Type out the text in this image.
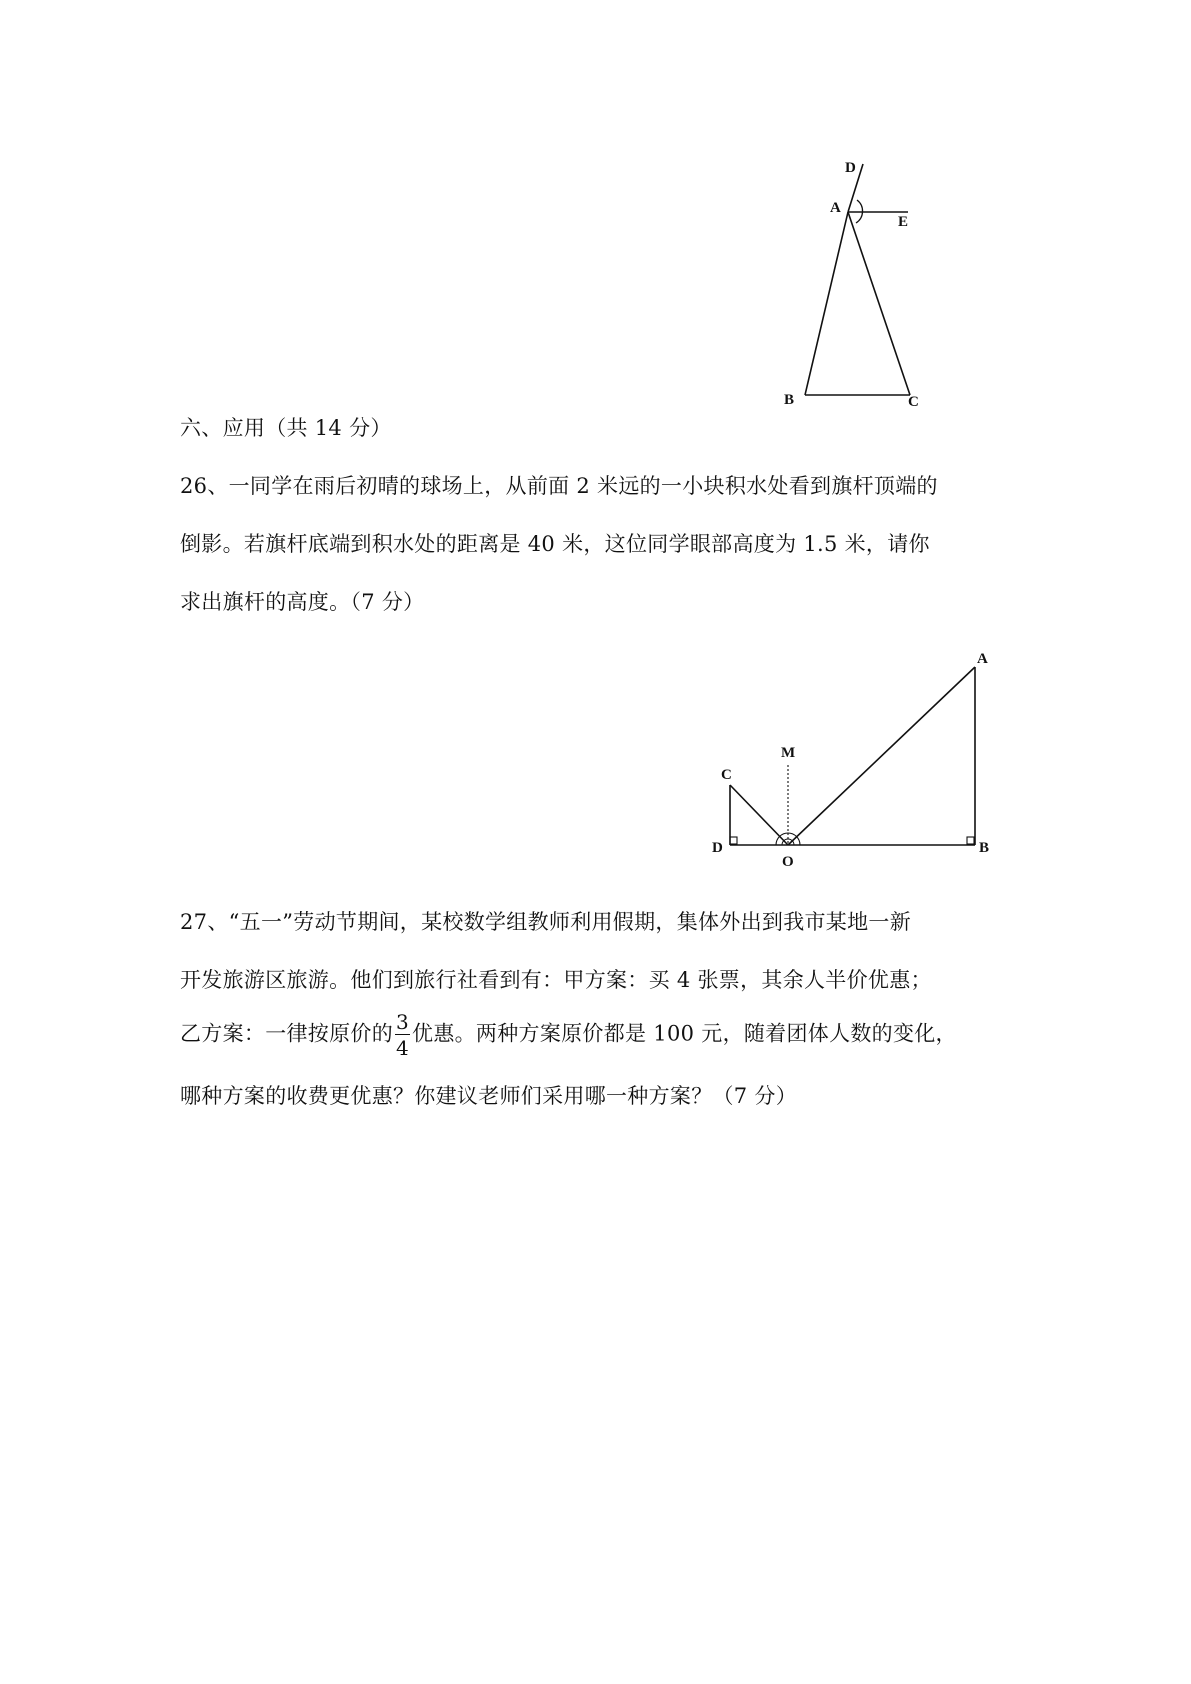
D
A
E
B	C
六、应用（共 14 分）
26、一同学在雨后初晴的球场上，从前面 2 米远的一小块积水处看到旗杆顶端的
倒影。若旗杆底端到积水处的距离是 40 米，这位同学眼部高度为 1.5 米，请你
求出旗杆的高度。（7 分）
A
M
C
D
O
B
27、“五一”劳动节期间，某校数学组教师利用假期，集体外出到我市某地一新
开发旅游区旅游。他们到旅行社看到有：甲方案：买 4 张票，其余人半价优惠；
乙方案：一律按原价的 $\frac{3}{4}$ 优惠。两种方案原价都是 100 元，随着团体人数的变化，
哪种方案的收费更优惠？你建议老师们采用哪一种方案？（7 分）
